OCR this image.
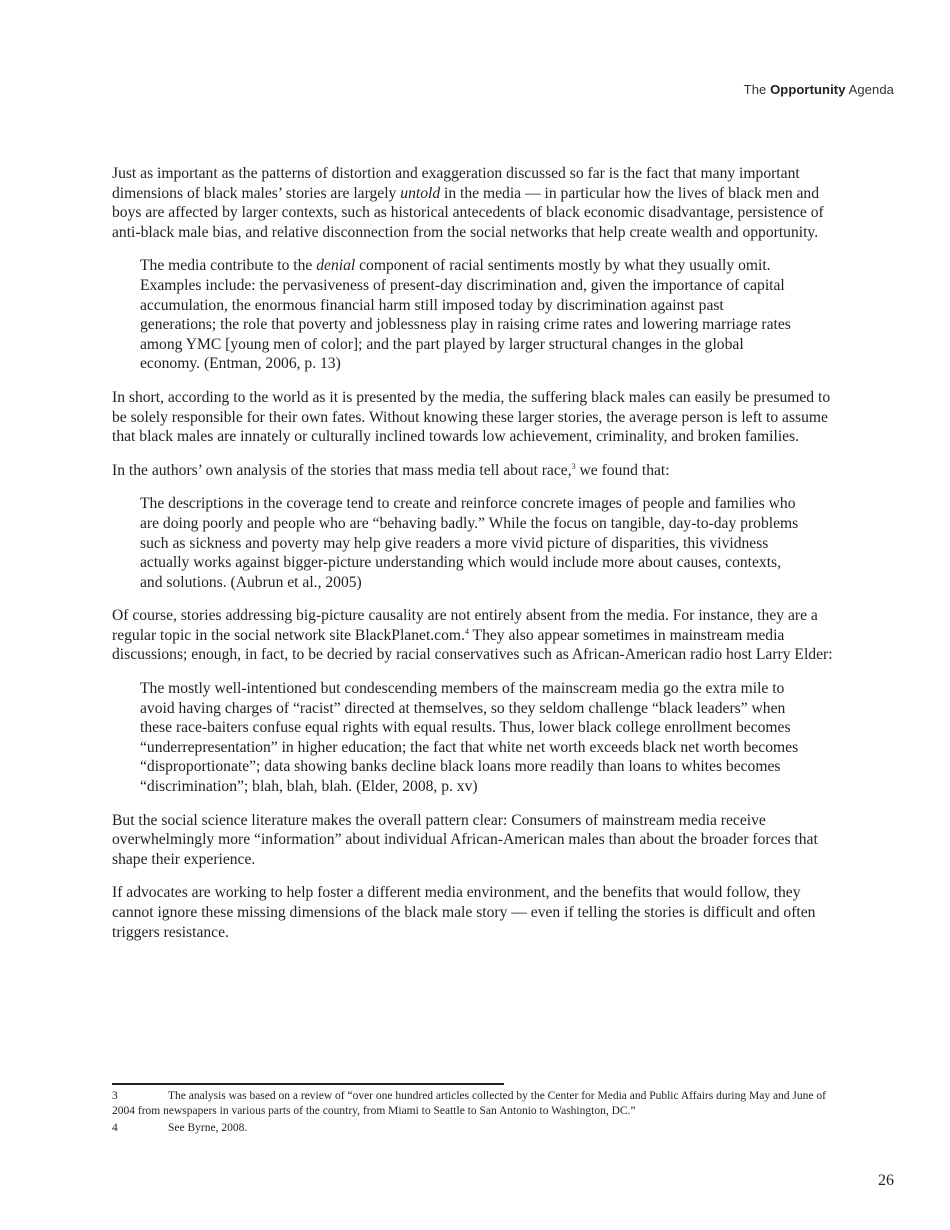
The Opportunity Agenda

Just as important as the patterns of distortion and exaggeration discussed so far is the fact that many important dimensions of black males’ stories are largely untold in the media — in particular how the lives of black men and boys are affected by larger contexts, such as historical antecedents of black economic disadvantage, persistence of anti-black male bias, and relative disconnection from the social networks that help create wealth and opportunity.

The media contribute to the denial component of racial sentiments mostly by what they usually omit. Examples include: the pervasiveness of present-day discrimination and, given the importance of capital accumulation, the enormous financial harm still imposed today by discrimination against past generations; the role that poverty and joblessness play in raising crime rates and lowering marriage rates among YMC [young men of color]; and the part played by larger structural changes in the global economy. (Entman, 2006, p. 13)

In short, according to the world as it is presented by the media, the suffering black males can easily be presumed to be solely responsible for their own fates. Without knowing these larger stories, the average person is left to assume that black males are innately or culturally inclined towards low achievement, criminality, and broken families.

In the authors’ own analysis of the stories that mass media tell about race,$^3$ we found that:

The descriptions in the coverage tend to create and reinforce concrete images of people and families who are doing poorly and people who are “behaving badly.” While the focus on tangible, day-to-day problems such as sickness and poverty may help give readers a more vivid picture of disparities, this vividness actually works against bigger-picture understanding which would include more about causes, contexts, and solutions. (Aubrun et al., 2005)

Of course, stories addressing big-picture causality are not entirely absent from the media. For instance, they are a regular topic in the social network site BlackPlanet.com.$^4$ They also appear sometimes in mainstream media discussions; enough, in fact, to be decried by racial conservatives such as African-American radio host Larry Elder:

The mostly well-intentioned but condescending members of the mainscream media go the extra mile to avoid having charges of “racist” directed at themselves, so they seldom challenge “black leaders” when these race-baiters confuse equal rights with equal results. Thus, lower black college enrollment becomes “underrepresentation” in higher education; the fact that white net worth exceeds black net worth becomes “disproportionate”; data showing banks decline black loans more readily than loans to whites becomes “discrimination”; blah, blah, blah. (Elder, 2008, p. xv)

But the social science literature makes the overall pattern clear: Consumers of mainstream media receive overwhelmingly more “information” about individual African-American males than about the broader forces that shape their experience.

If advocates are working to help foster a different media environment, and the benefits that would follow, they cannot ignore these missing dimensions of the black male story — even if telling the stories is difficult and often triggers resistance.

3	The analysis was based on a review of “over one hundred articles collected by the Center for Media and Public Affairs during May and June of 2004 from newspapers in various parts of the country, from Miami to Seattle to San Antonio to Washington, DC.”

4	See Byrne, 2008.

26
